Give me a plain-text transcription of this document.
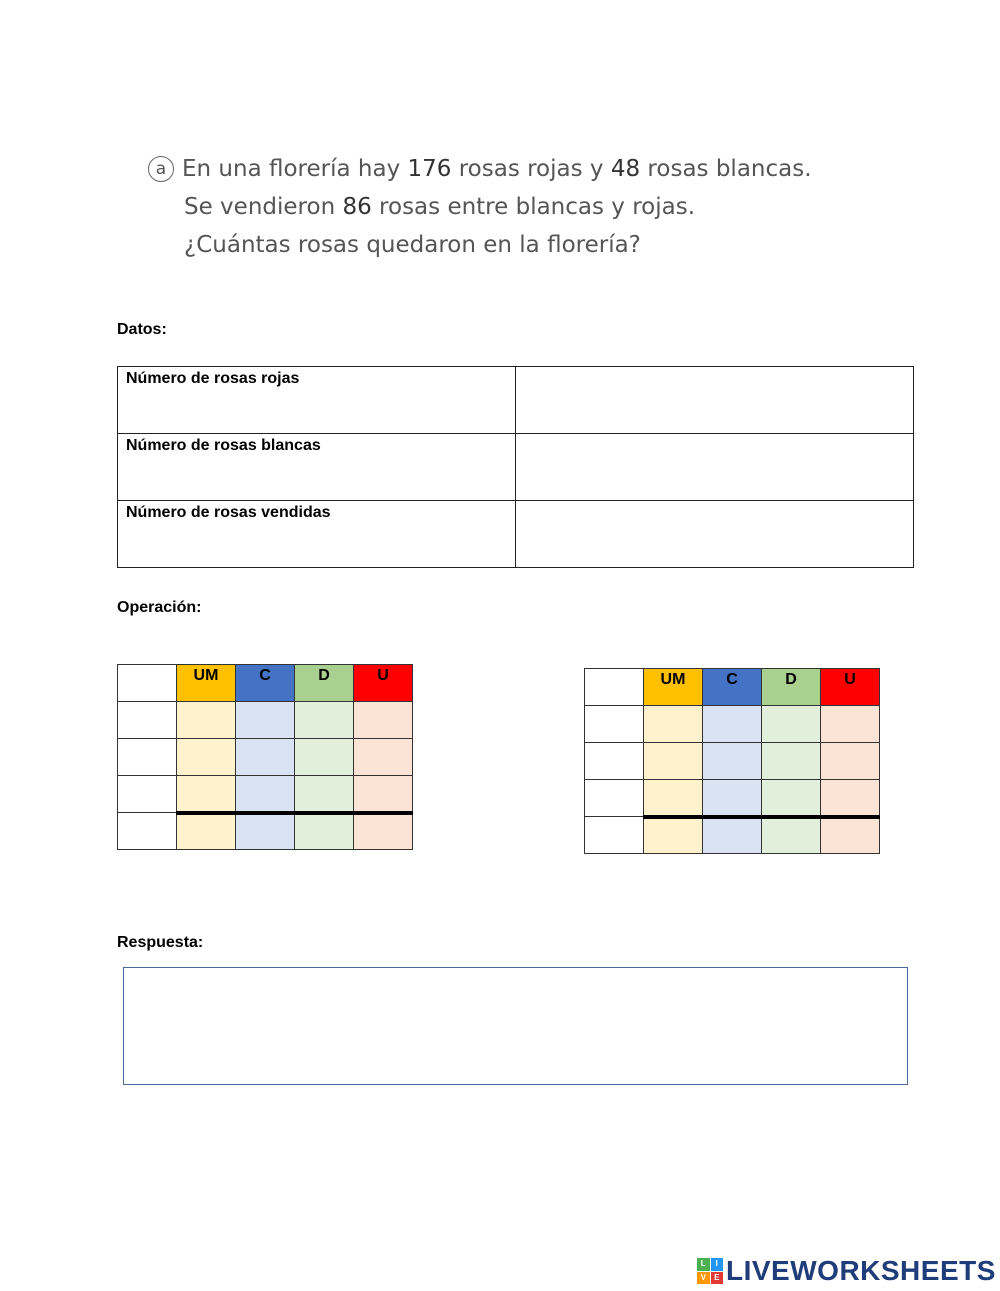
a En una florería hay 176 rosas rojas y 48 rosas blancas.
Se vendieron 86 rosas entre blancas y rojas.
¿Cuántas rosas quedaron en la florería?
Datos:
Número de rosas rojas	
Número de rosas blancas	
Número de rosas vendidas	
Operación:
	UM	C	D	U

		UM	C	D	U

Respuesta:
L	I
V	E LIVEWORKSHEETS
